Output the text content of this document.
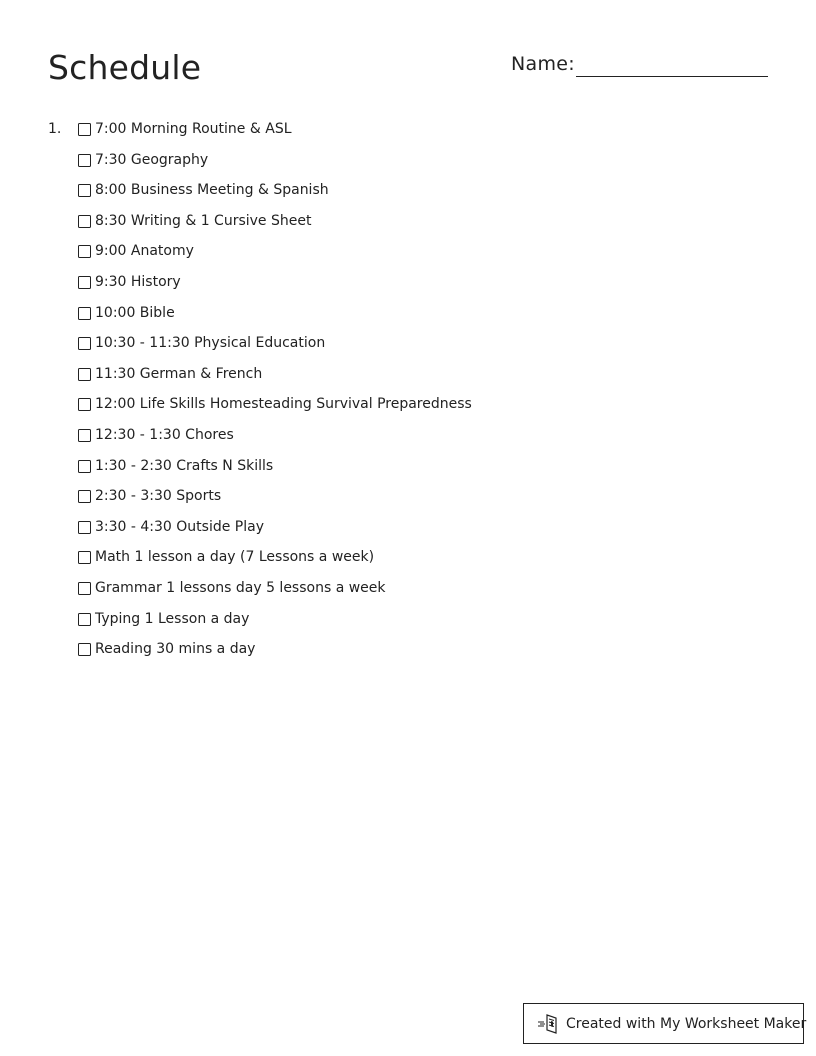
Schedule	Name:
1. 7:00 Morning Routine & ASL
7:30 Geography
8:00 Business Meeting & Spanish
8:30 Writing & 1 Cursive Sheet
9:00 Anatomy
9:30 History
10:00 Bible
10:30 - 11:30 Physical Education
11:30 German & French
12:00 Life Skills Homesteading Survival Preparedness
12:30 - 1:30 Chores
1:30 - 2:30 Crafts N Skills
2:30 - 3:30 Sports
3:30 - 4:30 Outside Play
Math 1 lesson a day (7 Lessons a week)
Grammar 1 lessons day 5 lessons a week
Typing 1 Lesson a day
Reading 30 mins a day
Created with My Worksheet Maker
